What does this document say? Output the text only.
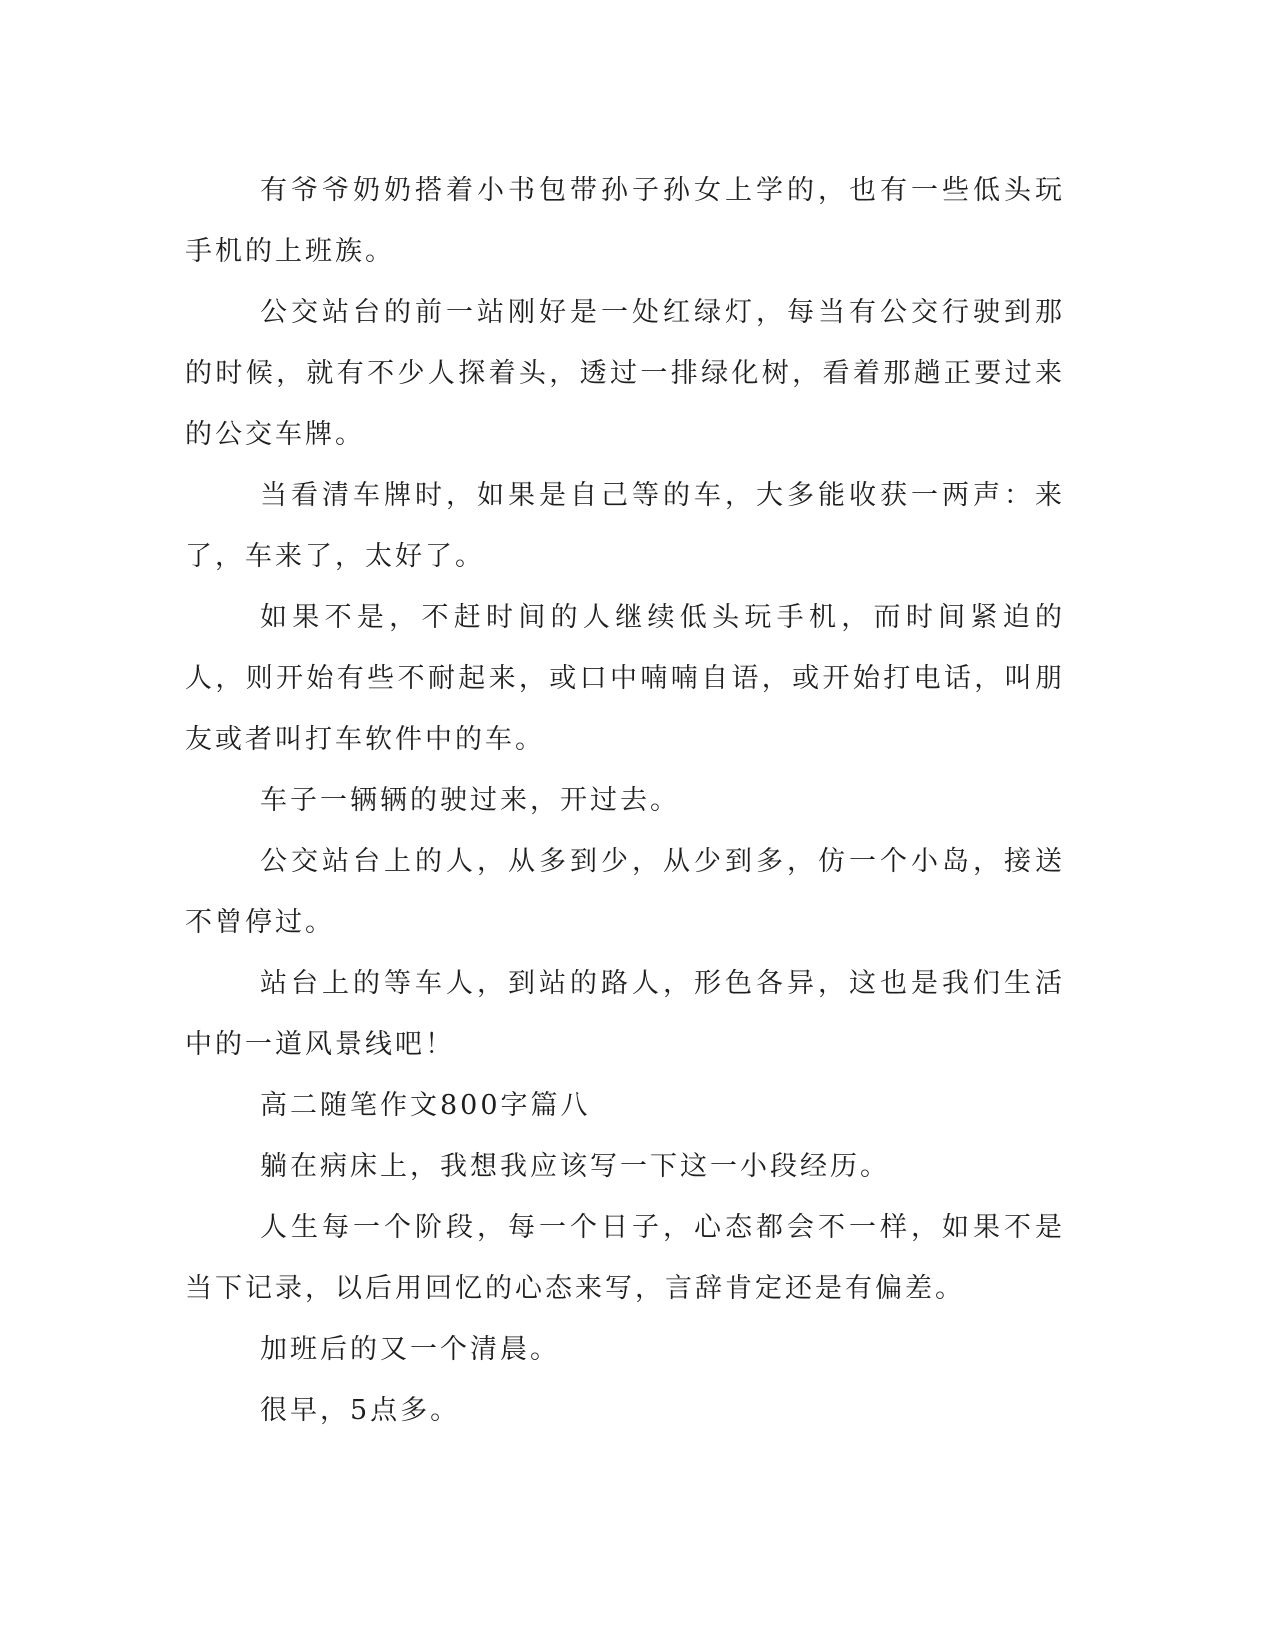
有爷爷奶奶搭着小书包带孙子孙女上学的，也有一些低头玩手机的上班族。

公交站台的前一站刚好是一处红绿灯，每当有公交行驶到那的时候，就有不少人探着头，透过一排绿化树，看着那趟正要过来的公交车牌。

当看清车牌时，如果是自己等的车，大多能收获一两声：来了，车来了，太好了。

如果不是，不赶时间的人继续低头玩手机，而时间紧迫的人，则开始有些不耐起来，或口中喃喃自语，或开始打电话，叫朋友或者叫打车软件中的车。

车子一辆辆的驶过来，开过去。

公交站台上的人，从多到少，从少到多，仿一个小岛，接送不曾停过。

站台上的等车人，到站的路人，形色各异，这也是我们生活中的一道风景线吧！

高二随笔作文800字篇八

躺在病床上，我想我应该写一下这一小段经历。

人生每一个阶段，每一个日子，心态都会不一样，如果不是当下记录，以后用回忆的心态来写，言辞肯定还是有偏差。

加班后的又一个清晨。

很早，5点多。
